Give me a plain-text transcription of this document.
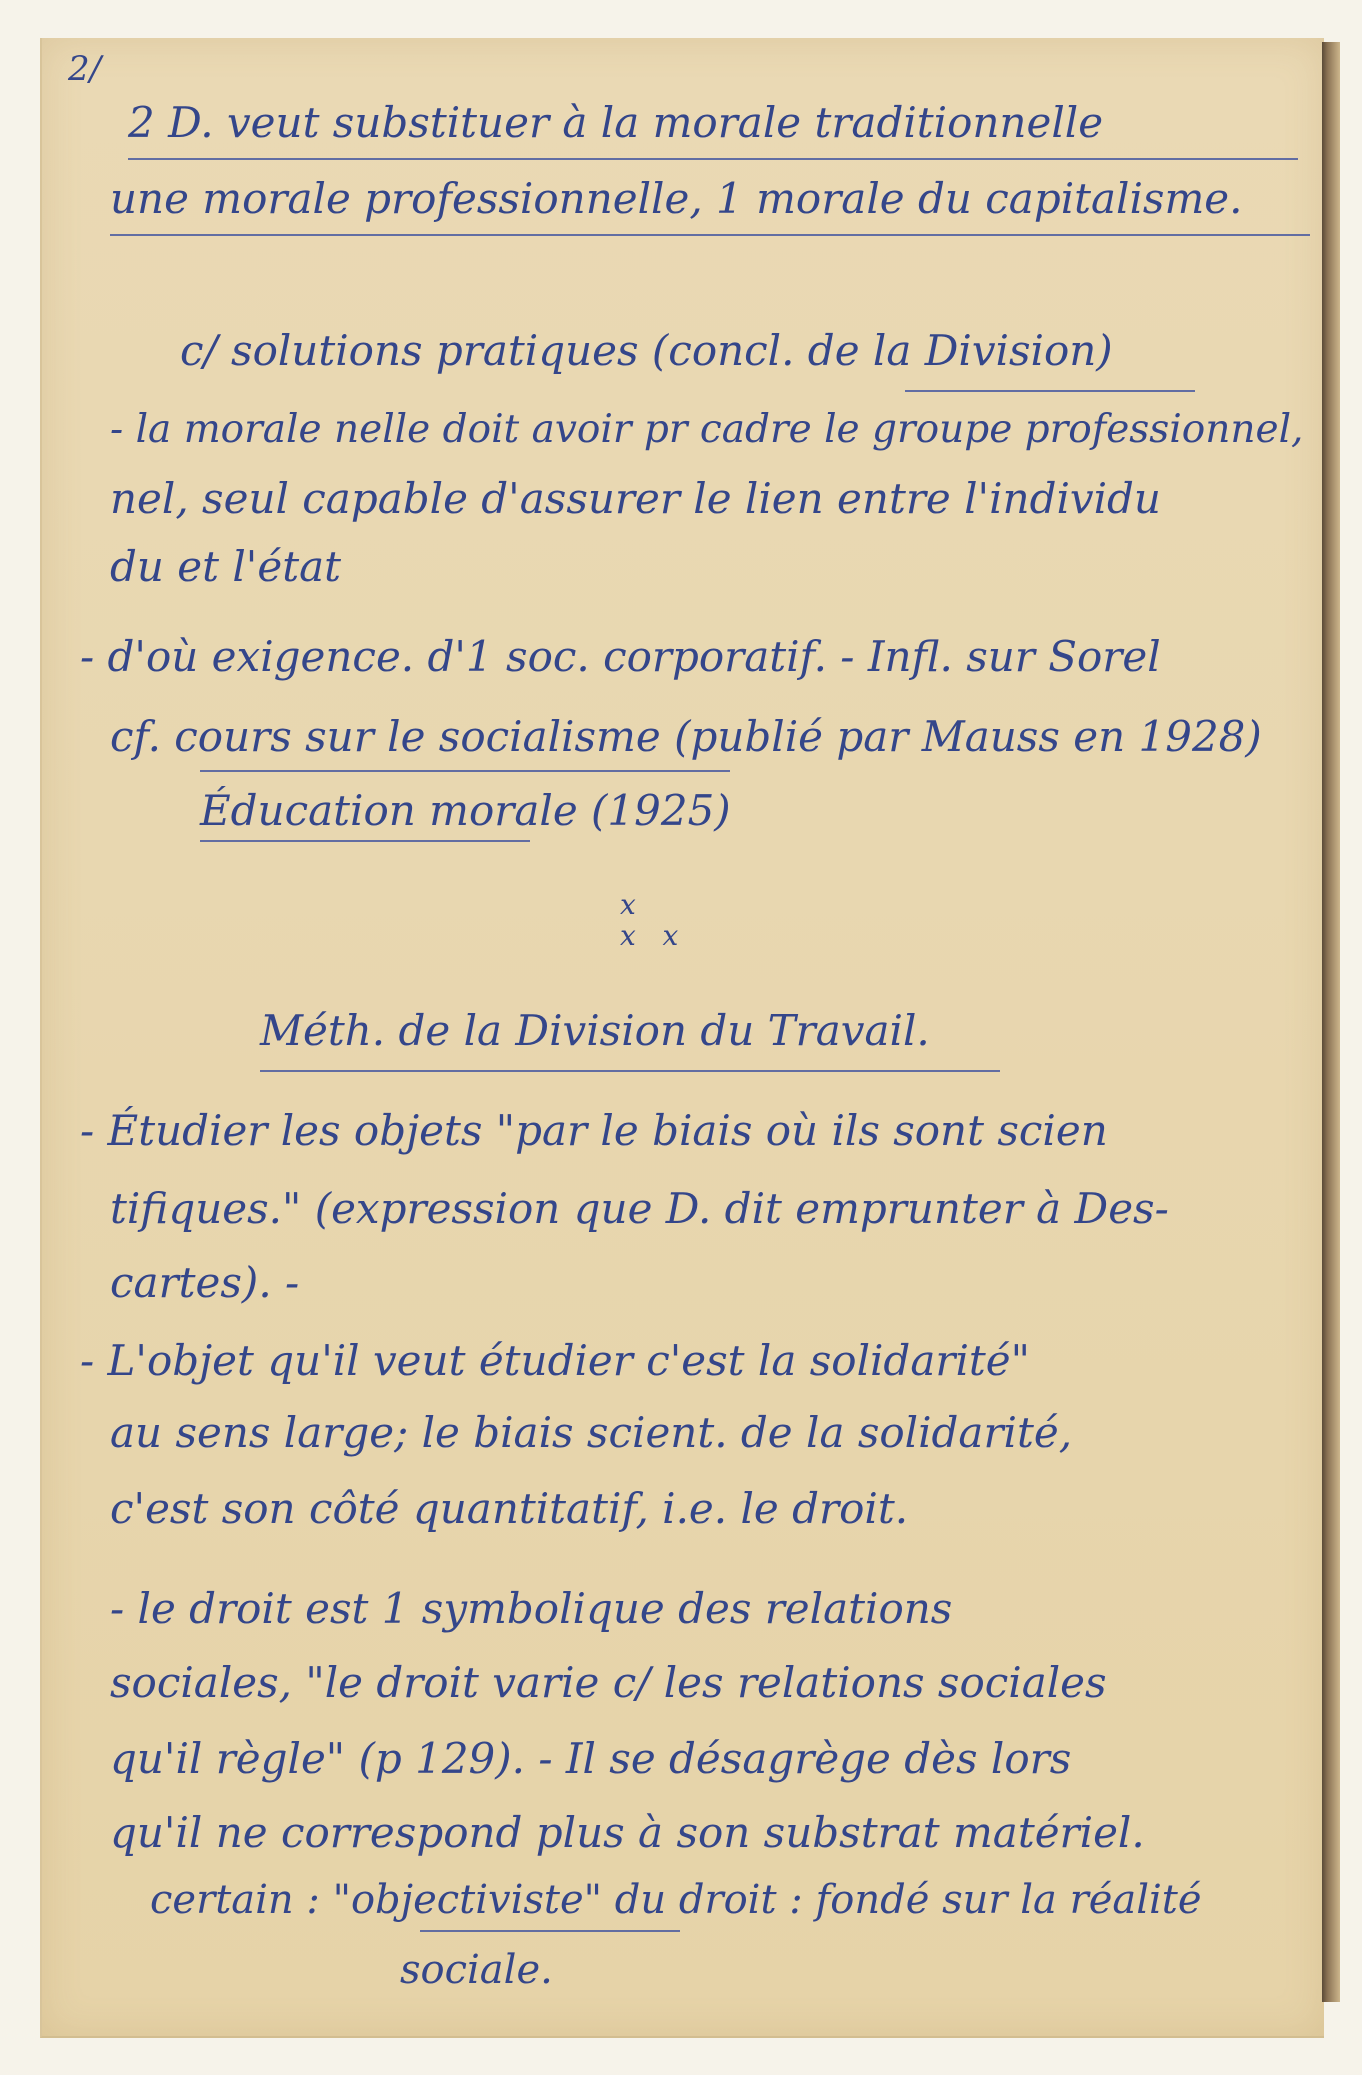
2/
2 D. veut substituer à la morale traditionnelle
une morale professionnelle, 1 morale du capitalisme.
c/ solutions pratiques (concl. de la Division)
- la morale nelle doit avoir pr cadre le groupe professionnel,
nel, seul capable d'assurer le lien entre l'individu
du et l'état
- d'où exigence. d'1 soc. corporatif. - Infl. sur Sorel
cf. cours sur le socialisme (publié par Mauss en 1928)
Éducation morale (1925)
x
x   x
Méth. de la Division du Travail.
- Étudier les objets "par le biais où ils sont scien
tifiques." (expression que D. dit emprunter à Des-
cartes). -
- L'objet qu'il veut étudier c'est la solidarité"
au sens large; le biais scient. de la solidarité,
c'est son côté quantitatif, i.e. le droit.
- le droit est 1 symbolique des relations
sociales, "le droit varie c/ les relations sociales
qu'il règle" (p 129). - Il se désagrège dès lors
qu'il ne correspond plus à son substrat matériel.
certain : "objectiviste" du droit : fondé sur la réalité
sociale.
